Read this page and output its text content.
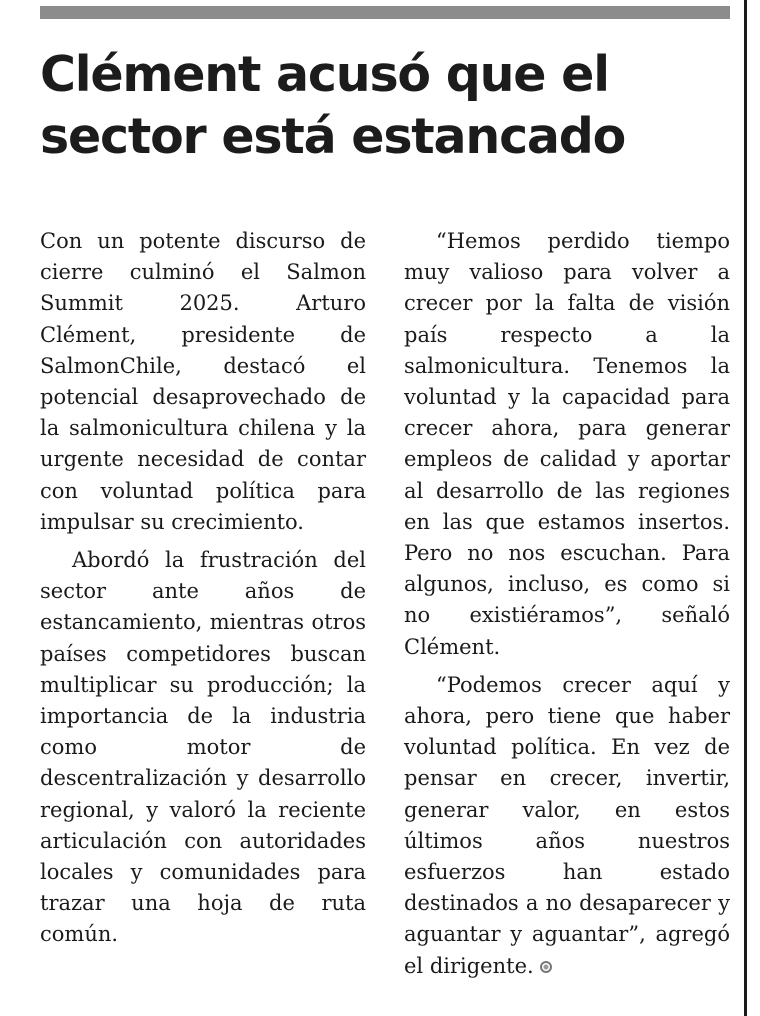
Clément acusó que el sector está estancado

Con un potente discurso de cierre culminó el Salmon Summit 2025. Arturo Clément, presidente de SalmonChile, destacó el potencial desaprovechado de la salmonicultura chilena y la urgente necesidad de contar con voluntad política para impulsar su crecimiento.

Abordó la frustración del sector ante años de estancamiento, mientras otros países competidores buscan multiplicar su producción; la importancia de la industria como motor de descentralización y desarrollo regional, y valoró la reciente articulación con autoridades locales y comunidades para trazar una hoja de ruta común.

“Hemos perdido tiempo muy valioso para volver a crecer por la falta de visión país respecto a la salmonicultura. Tenemos la voluntad y la capacidad para crecer ahora, para generar empleos de calidad y aportar al desarrollo de las regiones en las que estamos insertos. Pero no nos escuchan. Para algunos, incluso, es como si no existiéramos”, señaló Clément.

“Podemos crecer aquí y ahora, pero tiene que haber voluntad política. En vez de pensar en crecer, invertir, generar valor, en estos últimos años nuestros esfuerzos han estado destinados a no desaparecer y aguantar y aguantar”, agregó el dirigente.
